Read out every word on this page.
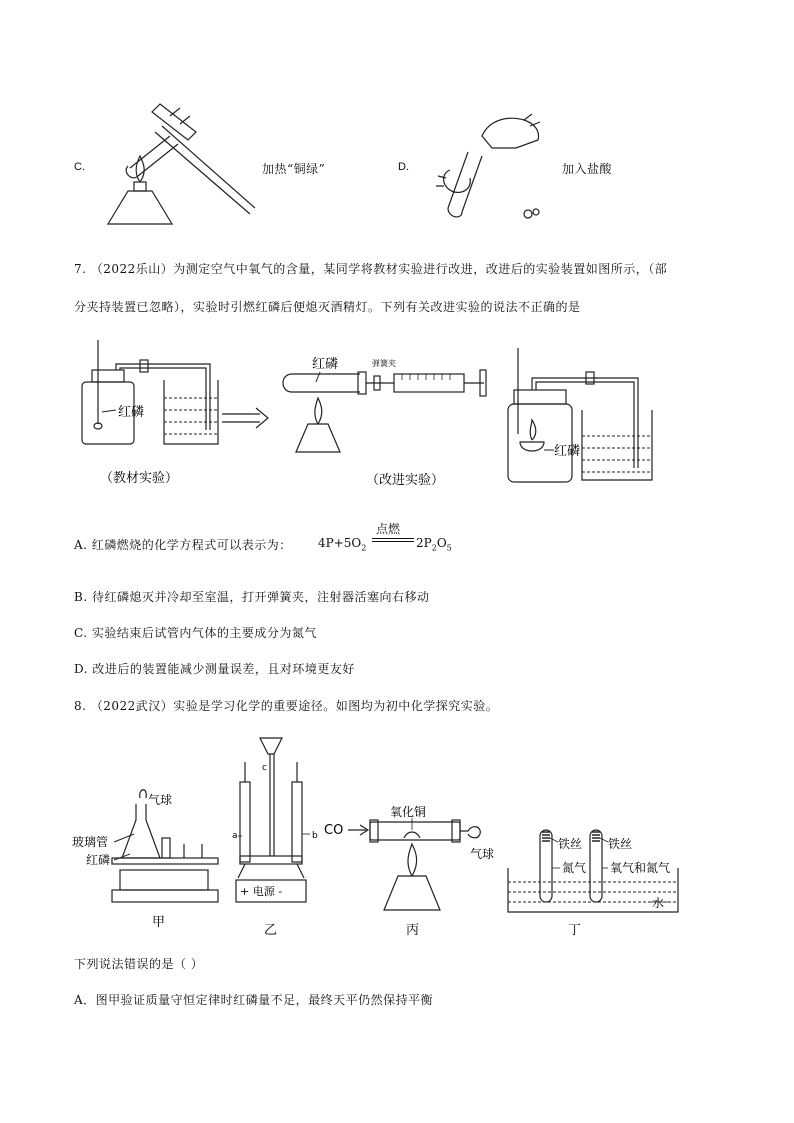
C.	加热“铜绿”	D.	加入盐酸
7. （2022乐山）为测定空气中氧气的含量，某同学将教材实验进行改进，改进后的实验装置如图所示，（部
分夹持装置已忽略），实验时引燃红磷后便熄灭酒精灯。下列有关改进实验的说法不正确的是
红磷
（教材实验）
红磷	弹簧夹
（改进实验）
红磷
A. 红磷燃烧的化学方程式可以表示为： $4P+5O_2$
点燃
$2P_2O_5$
B. 待红磷熄灭并冷却至室温，打开弹簧夹，注射器活塞向右移动
C. 实验结束后试管内气体的主要成分为氮气
D. 改进后的装置能减少测量误差，且对环境更友好
8. （2022武汉）实验是学习化学的重要途径。如图均为初中化学探究实验。
气球
玻璃管
红磷
甲
c
a	b
+ 电源 -
乙
CO
氧化铜
气球
丙
铁丝 铁丝
氮气 氧气和氮气
水
丁
下列说法错误的是（ ）
A．图甲验证质量守恒定律时红磷量不足，最终天平仍然保持平衡
